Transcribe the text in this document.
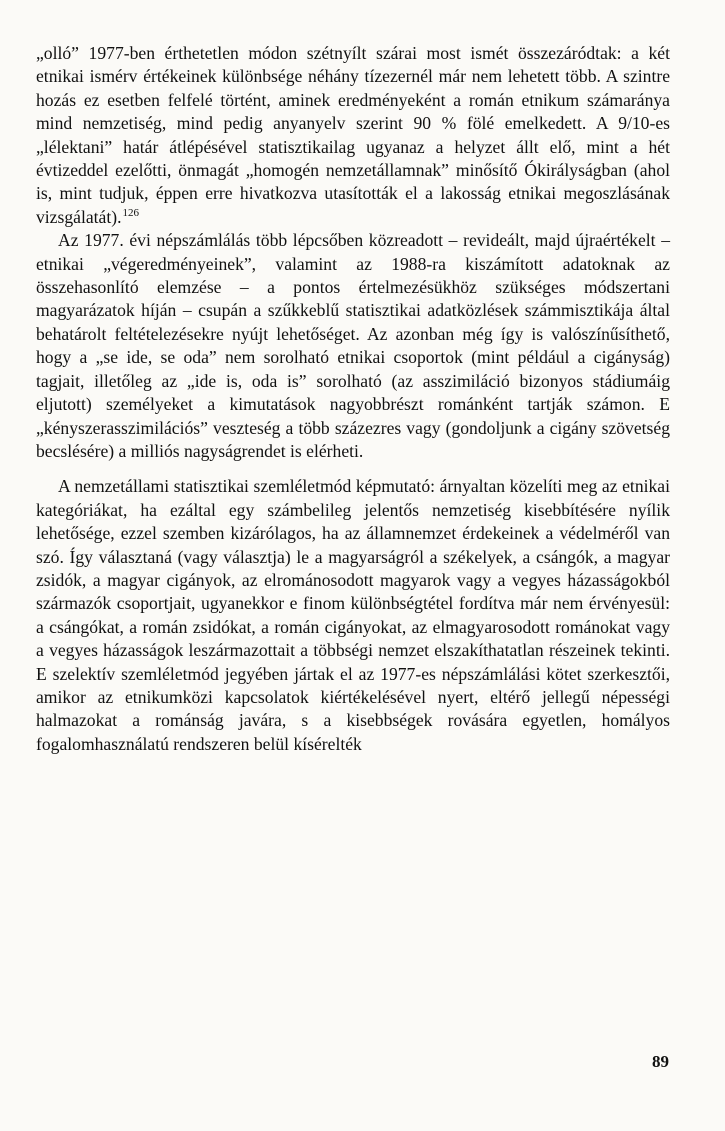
„olló” 1977-ben érthetetlen módon szétnyílt szárai most ismét összezáródtak: a két etnikai ismérv értékeinek különbsége néhány tízezernél már nem lehetett több. A szintre hozás ez esetben felfelé történt, aminek eredményeként a román etnikum számaránya mind nemzetiség, mind pedig anyanyelv szerint 90 % fölé emelkedett. A 9/10-es „lélektani” határ átlépésével statisztikailag ugyanaz a helyzet állt elő, mint a hét évtizeddel ezelőtti, önmagát „homogén nemzetállamnak” minősítő Ókirályságban (ahol is, mint tudjuk, éppen erre hivatkozva utasították el a lakosság etnikai megoszlásának vizsgálatát).$^{126}$

Az 1977. évi népszámlálás több lépcsőben közreadott – revideált, majd újraértékelt – etnikai „végeredményeinek”, valamint az 1988-ra kiszámított adatoknak az összehasonlító elemzése – a pontos értelmezésükhöz szükséges módszertani magyarázatok híján – csupán a szűkkeblű statisztikai adatközlések számmisztikája által behatárolt feltételezésekre nyújt lehetőséget. Az azonban még így is valószínűsíthető, hogy a „se ide, se oda” nem sorolható etnikai csoportok (mint például a cigányság) tagjait, illetőleg az „ide is, oda is” sorolható (az asszimiláció bizonyos stádiumáig eljutott) személyeket a kimutatások nagyobbrészt románként tartják számon. E „kényszerasszimilációs” veszteség a több százezres vagy (gondoljunk a cigány szövetség becslésére) a milliós nagyságrendet is elérheti.

A nemzetállami statisztikai szemléletmód képmutató: árnyaltan közelíti meg az etnikai kategóriákat, ha ezáltal egy számbelileg jelentős nemzetiség kisebbítésére nyílik lehetősége, ezzel szemben kizárólagos, ha az államnemzet érdekeinek a védelméről van szó. Így választaná (vagy választja) le a magyarságról a székelyek, a csángók, a magyar zsidók, a magyar cigányok, az elrománosodott magyarok vagy a vegyes házasságokból származók csoportjait, ugyanekkor e finom különbségtétel fordítva már nem érvényesül: a csángókat, a román zsidókat, a román cigányokat, az elmagyarosodott románokat vagy a vegyes házasságok leszármazottait a többségi nemzet elszakíthatatlan részeinek tekinti. E szelektív szemléletmód jegyében jártak el az 1977-es népszámlálási kötet szerkesztői, amikor az etnikumközi kapcsolatok kiértékelésével nyert, eltérő jellegű népességi halmazokat a románság javára, s a kisebbségek rovására egyetlen, homályos fogalomhasználatú rendszeren belül kísérelték

89
